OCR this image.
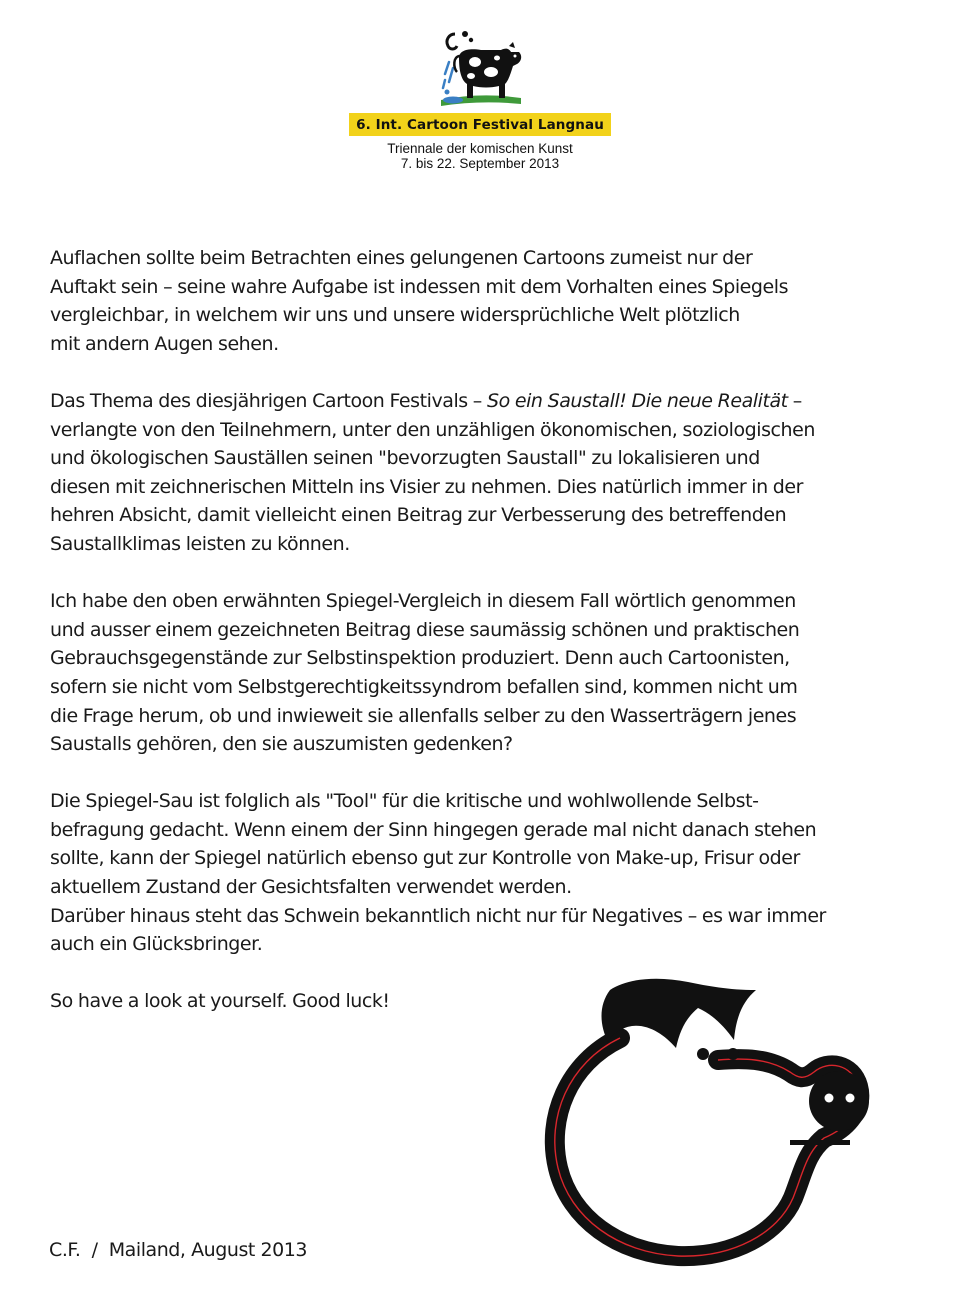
6. Int. Cartoon Festival Langnau
Triennale der komischen Kunst
7. bis 22. September 2013

Auflachen sollte beim Betrachten eines gelungenen Cartoons zumeist nur der
Auftakt sein – seine wahre Aufgabe ist indessen mit dem Vorhalten eines Spiegels
vergleichbar, in welchem wir uns und unsere widersprüchliche Welt plötzlich
mit andern Augen sehen.

Das Thema des diesjährigen Cartoon Festivals – So ein Saustall! Die neue Realität –
verlangte von den Teilnehmern, unter den unzähligen ökonomischen, soziologischen
und ökologischen Sauställen seinen "bevorzugten Saustall" zu lokalisieren und
diesen mit zeichnerischen Mitteln ins Visier zu nehmen. Dies natürlich immer in der
hehren Absicht, damit vielleicht einen Beitrag zur Verbesserung des betreffenden
Saustallklimas leisten zu können.

Ich habe den oben erwähnten Spiegel-Vergleich in diesem Fall wörtlich genommen
und ausser einem gezeichneten Beitrag diese saumässig schönen und praktischen
Gebrauchsgegenstände zur Selbstinspektion produziert. Denn auch Cartoonisten,
sofern sie nicht vom Selbstgerechtigkeitssyndrom befallen sind, kommen nicht um
die Frage herum, ob und inwieweit sie allenfalls selber zu den Wasserträgern jenes
Saustalls gehören, den sie auszumisten gedenken?

Die Spiegel-Sau ist folglich als "Tool" für die kritische und wohlwollende Selbst-
befragung gedacht. Wenn einem der Sinn hingegen gerade mal nicht danach stehen
sollte, kann der Spiegel natürlich ebenso gut zur Kontrolle von Make-up, Frisur oder
aktuellem Zustand der Gesichtsfalten verwendet werden.
Darüber hinaus steht das Schwein bekanntlich nicht nur für Negatives – es war immer
auch ein Glücksbringer.

So have a look at yourself. Good luck!

C.F.  /  Mailand, August 2013
